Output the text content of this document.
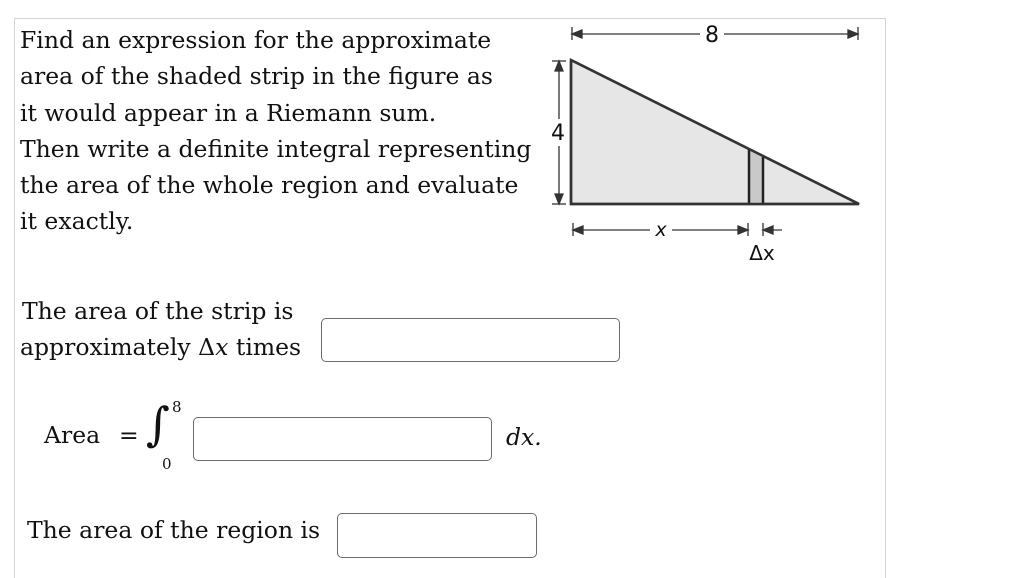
Find an expression for the approximate
area of the shaded strip in the figure as
it would appear in a Riemann sum.
Then write a definite integral representing
the area of the whole region and evaluate
it exactly.
8
4
x
Δx
The area of the strip is
approximately Δx times
Area = ∫ 8
0
dx.
The area of the region is
